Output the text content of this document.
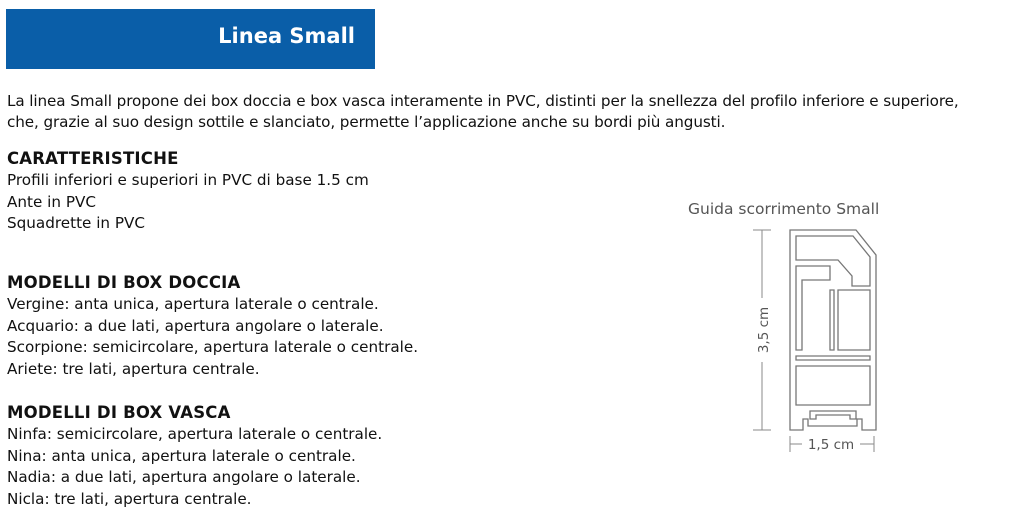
Linea Small

La linea Small propone dei box doccia e box vasca interamente in PVC, distinti per la snellezza del profilo inferiore e superiore,

che, grazie al suo design sottile e slanciato, permette l’applicazione anche su bordi più angusti.

CARATTERISTICHE
Profili inferiori e superiori in PVC di base 1.5 cm
Ante in PVC
Squadrette in PVC
MODELLI DI BOX DOCCIA
Vergine: anta unica, apertura laterale o centrale.
Acquario: a due lati, apertura angolare o laterale.
Scorpione: semicircolare, apertura laterale o centrale.
Ariete: tre lati, apertura centrale.
MODELLI DI BOX VASCA
Ninfa: semicircolare, apertura laterale o centrale.
Nina: anta unica, apertura laterale o centrale.
Nadia: a due lati, apertura angolare o laterale.
Nicla: tre lati, apertura centrale.
Guida scorrimento Small
3,5 cm
1,5 cm
